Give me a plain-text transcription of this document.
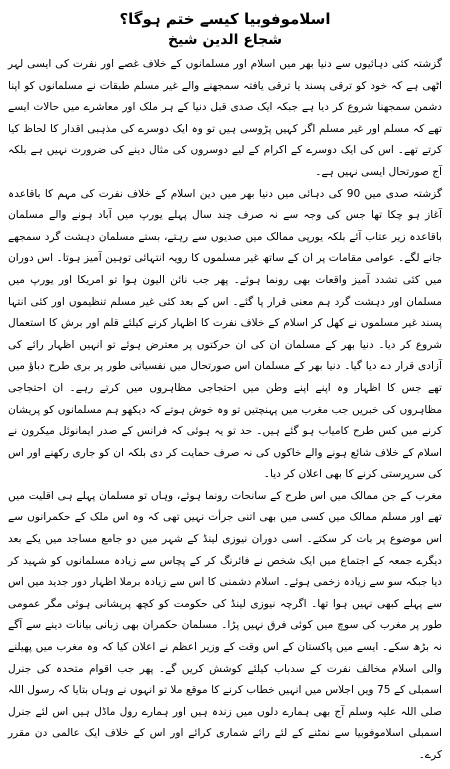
اسلاموفوبیا کیسے ختم ہوگا؟
شجاع الدین شیخ

گزشتہ کئی دہائیوں سے دنیا بھر میں اسلام اور مسلمانوں کے خلاف غصے اور نفرت کی ایسی لہر اٹھی ہے کہ خود کو ترقی پسند یا ترقی یافتہ سمجھنے والے غیر مسلم طبقات نے مسلمانوں کو اپنا دشمن سمجھنا شروع کر دیا ہے جبکہ ایک صدی قبل دنیا کے ہر ملک اور معاشرے میں حالات ایسے تھے کہ مسلم اور غیر مسلم اگر کہیں پڑوسی ہیں تو وہ ایک دوسرے کی مذہبی اقدار کا لحاظ کیا کرتے تھے۔ اس کی ایک دوسرے کے اکرام کے لیے دوسروں کی مثال دینے کی ضرورت نہیں ہے بلکہ آج صورتحال ایسی نہیں ہے۔

گزشتہ صدی میں 90 کی دہائی میں دنیا بھر میں دین اسلام کے خلاف نفرت کی مہم کا باقاعدہ آغاز ہو چکا تھا جس کی وجہ سے نہ صرف چند سال پہلے یورپ میں آباد ہونے والے مسلمان باقاعدہ زیر عتاب آئے بلکہ یورپی ممالک میں صدیوں سے رہتے، بستے مسلمان دہشت گرد سمجھے جانے لگے۔ عوامی مقامات پر ان کے ساتھ غیر مسلموں کا رویہ انتہائی توہین آمیز ہوتا۔ اس دوران میں کئی تشدد آمیز واقعات بھی رونما ہوئے۔ پھر جب نائن الیون ہوا تو امریکا اور یورپ میں مسلمان اور دہشت گرد ہم معنی قرار پا گئے۔ اس کے بعد کئی غیر مسلم تنظیموں اور کئی انتہا پسند غیر مسلموں نے کھل کر اسلام کے خلاف نفرت کا اظہار کرنے کیلئے قلم اور برش کا استعمال شروع کر دیا۔ دنیا بھر کے مسلمان ان کی ان حرکتوں پر معترض ہوئے تو انہیں اظہار رائے کی آزادی قرار دے دیا گیا۔ دنیا بھر کے مسلمان اس صورتحال میں نفسیاتی طور پر بری طرح دباؤ میں تھے جس کا اظہار وہ اپنے اپنے وطن میں احتجاجی مظاہروں میں کرتے رہے۔ ان احتجاجی مظاہروں کی خبریں جب مغرب میں پہنچتیں تو وہ خوش ہوتے کہ دیکھو ہم مسلمانوں کو پریشان کرنے میں کس طرح کامیاب ہو گئے ہیں۔ حد تو یہ ہوئی کہ فرانس کے صدر ایمانوئل میکرون نے اسلام کے خلاف شائع ہونے والے خاکوں کی نہ صرف حمایت کر دی بلکہ ان کو جاری رکھنے اور اس کی سرپرستی کرنے کا بھی اعلان کر دیا۔

مغرب کے جن ممالک میں اس طرح کے سانحات رونما ہوئے، وہاں تو مسلمان پہلے ہی اقلیت میں تھے اور مسلم ممالک میں کسی میں بھی اتنی جرأت نہیں تھی کہ وہ اس ملک کے حکمرانوں سے اس موضوع پر بات کر سکتے۔ اسی دوران نیوزی لینڈ کے شہر میں دو جامع مساجد میں یکے بعد دیگرے جمعہ کے اجتماع میں ایک شخص نے فائرنگ کر کے پچاس سے زیادہ مسلمانوں کو شہید کر دیا جبکہ سو سے زیادہ زخمی ہوئے۔ اسلام دشمنی کا اس سے زیادہ برملا اظہار دور جدید میں اس سے پہلے کبھی نہیں ہوا تھا۔ اگرچہ نیوزی لینڈ کی حکومت کو کچھ پریشانی ہوئی مگر عمومی طور پر مغرب کی سوچ میں کوئی فرق نہیں پڑا۔ مسلمان حکمران بھی زبانی بیانات دینے سے آگے نہ بڑھ سکے۔ ایسے میں پاکستان کے اس وقت کے وزیر اعظم نے اعلان کیا کہ وہ مغرب میں پھیلنے والی اسلام مخالف نفرت کے سدباب کیلئے کوشش کریں گے۔ پھر جب اقوام متحدہ کی جنرل اسمبلی کے 75 ویں اجلاس میں انہیں خطاب کرنے کا موقع ملا تو انہوں نے وہاں بتایا کہ رسول اللہ صلی اللہ علیہ وسلم آج بھی ہمارے دلوں میں زندہ ہیں اور ہمارے رول ماڈل ہیں اس لئے جنرل اسمبلی اسلاموفوبیا سے نمٹنے کے لئے رائے شماری کرائے اور اس کے خلاف ایک عالمی دن مقرر کرے۔
